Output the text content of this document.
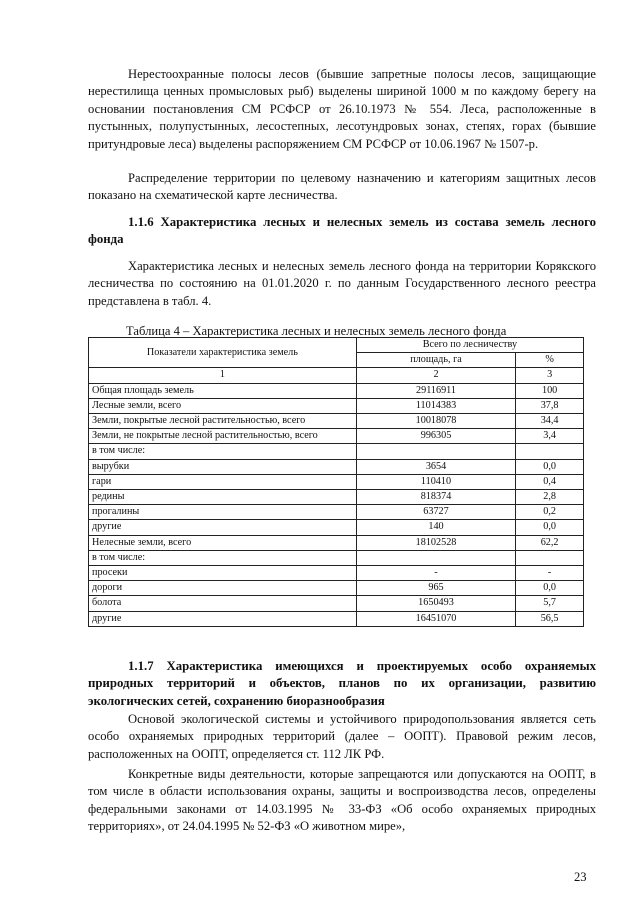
Нерестоохранные полосы лесов (бывшие запретные полосы лесов, защищающие нерестилища ценных промысловых рыб) выделены шириной 1000 м по каждому берегу на основании постановления СМ РСФСР от 26.10.1973 № 554. Леса, расположенные в пустынных, полупустынных, лесостепных, лесотундровых зонах, степях, горах (бывшие притундровые леса) выделены распоряжением СМ РСФСР от 10.06.1967 № 1507-р.

Распределение территории по целевому назначению и категориям защитных лесов показано на схематической карте лесничества.

1.1.6 Характеристика лесных и нелесных земель из состава земель лесного фонда

Характеристика лесных и нелесных земель лесного фонда на территории Корякского лесничества по состоянию на 01.01.2020 г. по данным Государственного лесного реестра представлена в табл. 4.

Таблица 4 – Характеристика лесных и нелесных земель лесного фонда
Показатели характеристика земель	Всего по лесничеству	
	площадь, га	%
1	2	3
Общая площадь земель	29116911	100
Лесные земли, всего	11014383	37,8
Земли, покрытые лесной растительностью, всего	10018078	34,4
Земли, не покрытые лесной растительностью, всего	996305	3,4
в том числе:		
вырубки	3654	0,0
гари	110410	0,4
редины	818374	2,8
прогалины	63727	0,2
другие	140	0,0
Нелесные земли, всего	18102528	62,2
в том числе:		
просеки	-	-
дороги	965	0,0
болота	1650493	5,7
другие	16451070	56,5

1.1.7 Характеристика имеющихся и проектируемых особо охраняемых природных территорий и объектов, планов по их организации, развитию экологических сетей, сохранению биоразнообразия

Основой экологической системы и устойчивого природопользования является сеть особо охраняемых природных территорий (далее – ООПТ). Правовой режим лесов, расположенных на ООПТ, определяется ст. 112 ЛК РФ.

Конкретные виды деятельности, которые запрещаются или допускаются на ООПТ, в том числе в области использования охраны, защиты и воспроизводства лесов, определены федеральными законами от 14.03.1995 № 33-ФЗ «Об особо охраняемых природных территориях», от 24.04.1995 № 52-ФЗ «О животном мире»,

23
